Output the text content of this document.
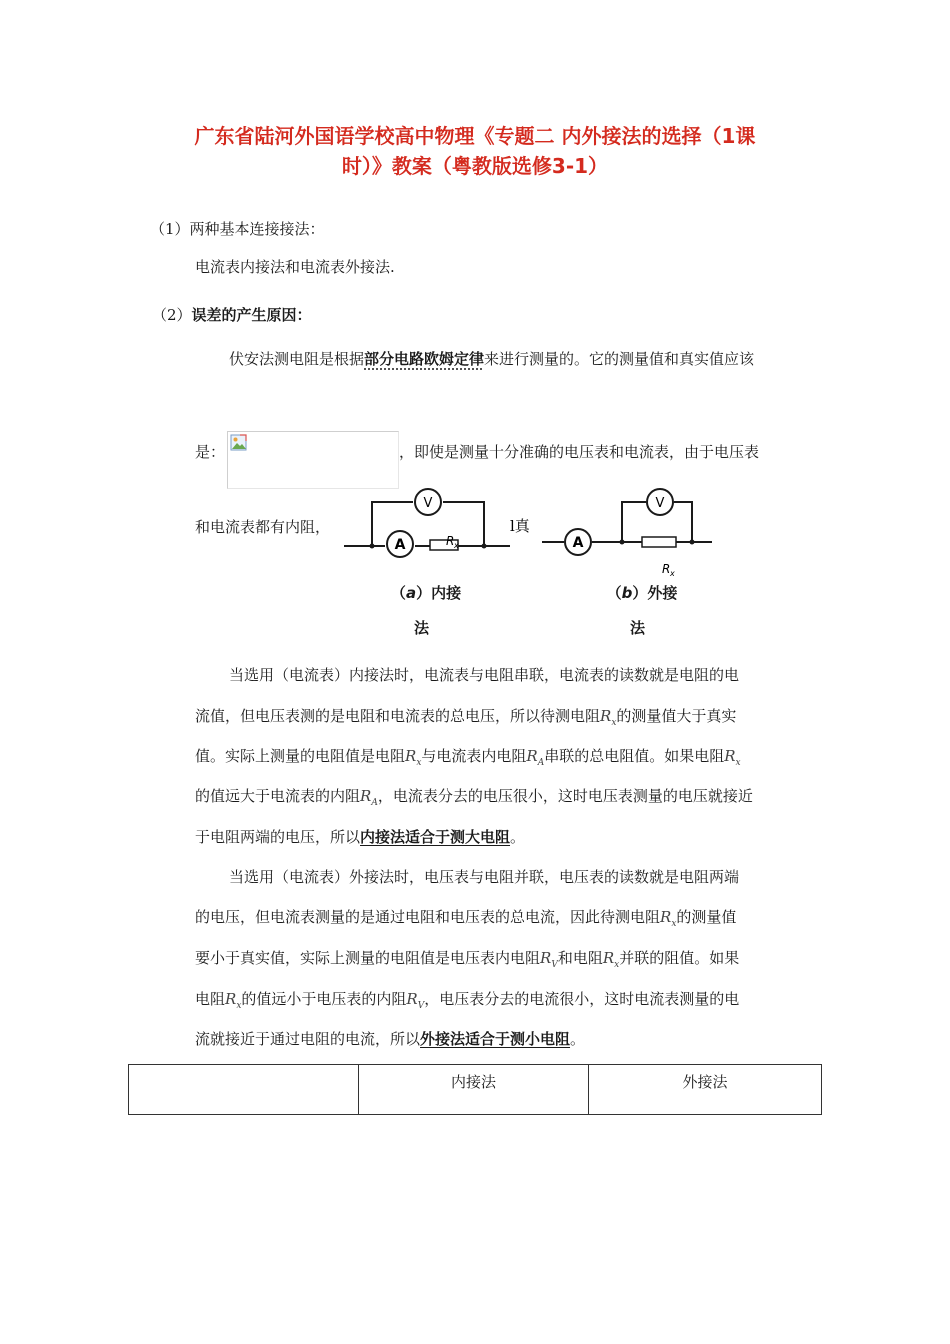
广东省陆河外国语学校高中物理《专题二 内外接法的选择（1课
时）》教案（粤教版选修3-1）
（1）两种基本连接接法：
电流表内接法和电流表外接法.
（2）误差的产生原因：
伏安法测电阻是根据部分电路欧姆定律来进行测量的。它的测量值和真实值应该
是：	，即使是测量十分准确的电压表和电流表，由于电压表
和电流表都有内阻，
A
V
R x
l真
A
V
R x
（a）内接
法
（b）外接
法
当选用（电流表）内接法时，电流表与电阻串联，电流表的读数就是电阻的电
流值，但电压表测的是电阻和电流表的总电压，所以待测电阻$R_x$的测量值大于真实
值。实际上测量的电阻值是电阻$R_x$与电流表内电阻$R_A$串联的总电阻值。如果电阻$R_x$
的值远大于电流表的内阻$R_A$，电流表分去的电压很小，这时电压表测量的电压就接近
于电阻两端的电压，所以内接法适合于测大电阻。
当选用（电流表）外接法时，电压表与电阻并联，电压表的读数就是电阻两端
的电压，但电流表测量的是通过电阻和电压表的总电流，因此待测电阻$R_x$的测量值
要小于真实值，实际上测量的电阻值是电压表内电阻$R_V$和电阻$R_x$并联的阻值。如果
电阻$R_x$的值远小于电压表的内阻$R_V$，电压表分去的电流很小，这时电流表测量的电
流就接近于通过电阻的电流，所以外接法适合于测小电阻。
	内接法	外接法
